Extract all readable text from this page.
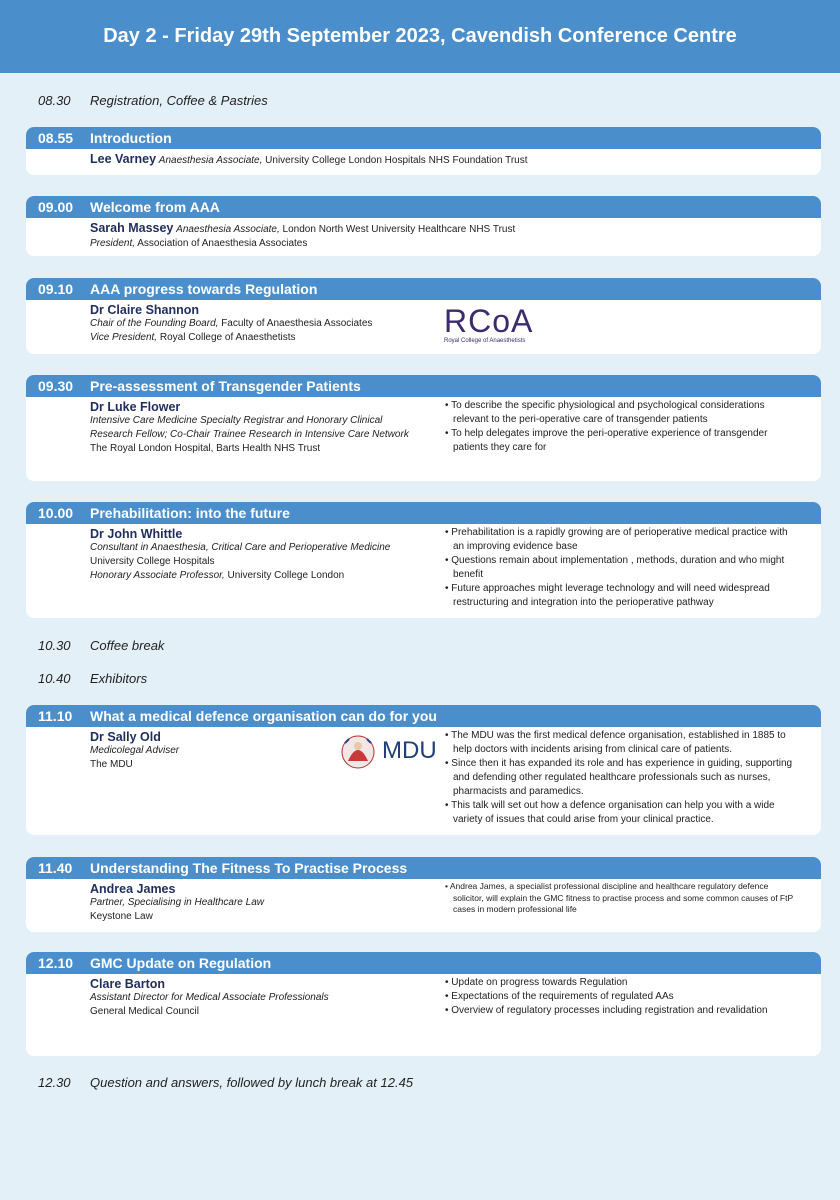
Day 2 - Friday 29th September 2023, Cavendish Conference Centre
08.30	Registration, Coffee & Pastries
08.55	Introduction
Lee Varney Anaesthesia Associate, University College London Hospitals NHS Foundation Trust
09.00	Welcome from AAA
Sarah Massey Anaesthesia Associate, London North West University Healthcare NHS Trust
President, Association of Anaesthesia Associates
09.10	AAA progress towards Regulation
Dr Claire Shannon
Chair of the Founding Board, Faculty of Anaesthesia Associates
Vice President, Royal College of Anaesthetists	RCoA
Royal College of Anaesthetists
09.30	Pre-assessment of Transgender Patients
Dr Luke Flower
Intensive Care Medicine Specialty Registrar and Honorary Clinical
Research Fellow; Co-Chair Trainee Research in Intensive Care Network
The Royal London Hospital, Barts Health NHS Trust
• To describe the specific physiological and psychological considerations relevant to the peri-operative care of transgender patients
• To help delegates improve the peri-operative experience of transgender patients they care for
10.00	Prehabilitation: into the future
Dr John Whittle
Consultant in Anaesthesia, Critical Care and Perioperative Medicine
University College Hospitals
Honorary Associate Professor, University College London
• Prehabilitation is a rapidly growing are of perioperative medical practice with an improving evidence base
• Questions remain about implementation , methods, duration and who might benefit
• Future approaches might leverage technology and will need widespread restructuring and integration into the perioperative pathway
10.30	Coffee break
10.40	Exhibitors
11.10	What a medical defence organisation can do for you
Dr Sally Old
Medicolegal Adviser
The MDU
MDU
• The MDU was the first medical defence organisation, established in 1885 to help doctors with incidents arising from clinical care of patients.
• Since then it has expanded its role and has experience in guiding, supporting and defending other regulated healthcare professionals such as nurses, pharmacists and paramedics.
• This talk will set out how a defence organisation can help you with a wide variety of issues that could arise from your clinical practice.
11.40	Understanding The Fitness To Practise Process
Andrea James
Partner, Specialising in Healthcare Law
Keystone Law
• Andrea James, a specialist professional discipline and healthcare regulatory defence solicitor, will explain the GMC fitness to practise process and some common causes of FtP cases in modern professional life
12.10	GMC Update on Regulation
Clare Barton
Assistant Director for Medical Associate Professionals
General Medical Council
• Update on progress towards Regulation
• Expectations of the requirements of regulated AAs
• Overview of regulatory processes including registration and revalidation
12.30	Question and answers, followed by lunch break at 12.45
